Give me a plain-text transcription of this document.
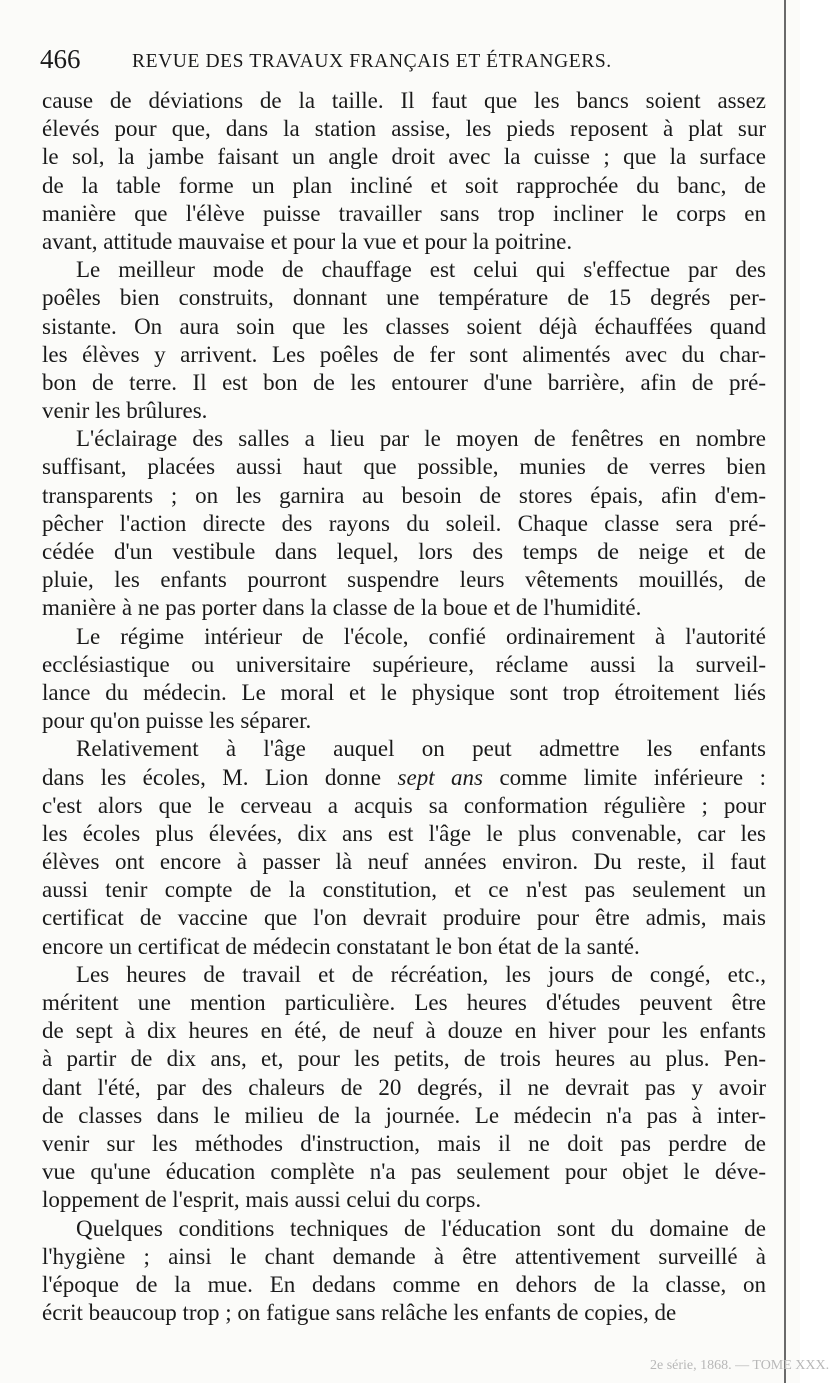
466	REVUE DES TRAVAUX FRANÇAIS ET ÉTRANGERS.
cause de déviations de la taille. Il faut que les bancs soient assez
élevés pour que, dans la station assise, les pieds reposent à plat sur
le sol, la jambe faisant un angle droit avec la cuisse ; que la surface
de la table forme un plan incliné et soit rapprochée du banc, de
manière que l'élève puisse travailler sans trop incliner le corps en
avant, attitude mauvaise et pour la vue et pour la poitrine.
Le meilleur mode de chauffage est celui qui s'effectue par des
poêles bien construits, donnant une température de 15 degrés per-
sistante. On aura soin que les classes soient déjà échauffées quand
les élèves y arrivent. Les poêles de fer sont alimentés avec du char-
bon de terre. Il est bon de les entourer d'une barrière, afin de pré-
venir les brûlures.
L'éclairage des salles a lieu par le moyen de fenêtres en nombre
suffisant, placées aussi haut que possible, munies de verres bien
transparents ; on les garnira au besoin de stores épais, afin d'em-
pêcher l'action directe des rayons du soleil. Chaque classe sera pré-
cédée d'un vestibule dans lequel, lors des temps de neige et de
pluie, les enfants pourront suspendre leurs vêtements mouillés, de
manière à ne pas porter dans la classe de la boue et de l'humidité.
Le régime intérieur de l'école, confié ordinairement à l'autorité
ecclésiastique ou universitaire supérieure, réclame aussi la surveil-
lance du médecin. Le moral et le physique sont trop étroitement liés
pour qu'on puisse les séparer.
Relativement à l'âge auquel on peut admettre les enfants
dans les écoles, M. Lion donne sept ans comme limite inférieure :
c'est alors que le cerveau a acquis sa conformation régulière ; pour
les écoles plus élevées, dix ans est l'âge le plus convenable, car les
élèves ont encore à passer là neuf années environ. Du reste, il faut
aussi tenir compte de la constitution, et ce n'est pas seulement un
certificat de vaccine que l'on devrait produire pour être admis, mais
encore un certificat de médecin constatant le bon état de la santé.
Les heures de travail et de récréation, les jours de congé, etc.,
méritent une mention particulière. Les heures d'études peuvent être
de sept à dix heures en été, de neuf à douze en hiver pour les enfants
à partir de dix ans, et, pour les petits, de trois heures au plus. Pen-
dant l'été, par des chaleurs de 20 degrés, il ne devrait pas y avoir
de classes dans le milieu de la journée. Le médecin n'a pas à inter-
venir sur les méthodes d'instruction, mais il ne doit pas perdre de
vue qu'une éducation complète n'a pas seulement pour objet le déve-
loppement de l'esprit, mais aussi celui du corps.
Quelques conditions techniques de l'éducation sont du domaine de
l'hygiène ; ainsi le chant demande à être attentivement surveillé à
l'époque de la mue. En dedans comme en dehors de la classe, on
écrit beaucoup trop ; on fatigue sans relâche les enfants de copies, de
2e série, 1868. — TOME XXX.
